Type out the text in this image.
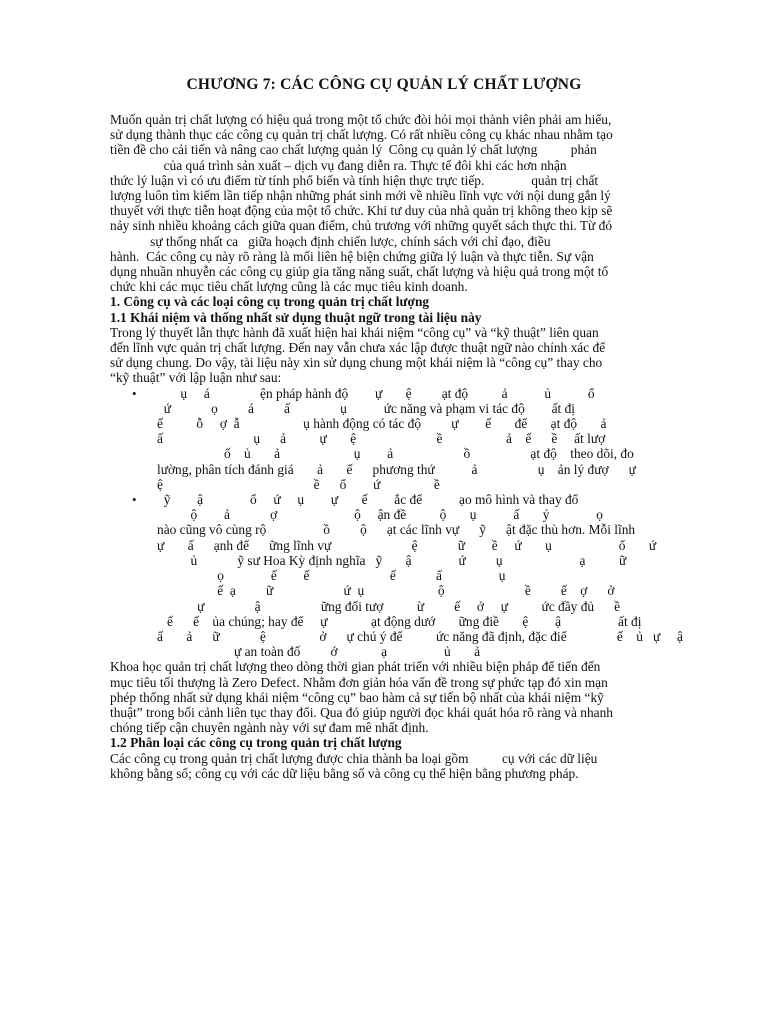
CHƯƠNG 7: CÁC CÔNG CỤ QUẢN LÝ CHẤT LƯỢNG
Muốn quản trị chất lượng có hiệu quả trong một tổ chức đòi hỏi mọi thành viên phải am hiểu,
sử dụng thành thục các công cụ quản trị chất lượng. Có rất nhiều công cụ khác nhau nhằm tạo
tiền đề cho cải tiến và nâng cao chất lượng quản lý  Công cụ quản lý chất lượng          phản
của quá trình sản xuất – dịch vụ đang diễn ra. Thực tế đôi khi các hơn nhận
thức lý luận vì có ưu điểm từ tính phổ biến và tính hiện thực trực tiếp.              quản trị chất
lượng luôn tìm kiếm lần tiếp nhận những phát sinh mới về nhiều lĩnh vực với nội dung gắn lý
thuyết với thực tiễn hoạt động của một tổ chức. Khi tư duy của nhà quản trị không theo kịp sẽ
nảy sinh nhiều khoảng cách giữa quan điểm, chủ trương với những quyết sách thực thi. Từ đó
sự thống nhất ca   giữa hoạch định chiến lược, chính sách với chỉ đạo, điều
hành.  Các công cụ này rõ ràng là mối liên hệ biện chứng giữa lý luận và thực tiễn. Sự vận
dụng nhuần nhuyễn các công cụ giúp gia tăng năng suất, chất lượng và hiệu quả trong một tổ
chức khi các mục tiêu chất lượng cũng là các mục tiêu kinh doanh.

1. Công cụ và các loại công cụ trong quản trị chất lượng

1.1 Khái niệm và thống nhất sử dụng thuật ngữ trong tài liệu này

Trong lý thuyết lẫn thực hành đã xuất hiện hai khái niệm “công cụ” và “kỹ thuật” liên quan
đến lĩnh vực quản trị chất lượng. Đến nay vẫn chưa xác lập được thuật ngữ nào chính xác để
sử dụng chung. Do vậy, tài liệu này xin sử dụng chung một khái niệm là “công cụ” thay cho
“kỹ thuật” với lập luận như sau:
• ụ     á               ện pháp hành độ        ự       ệ         ạt độ          ả           ủ           ổ
ứ            ọ         á         ấ               ụ           ức năng và phạm vi tác độ        ất đị
ế          ỗ     ợ  ẫ                   ụ hành động có tác độ         ự        ế       để       ạt độ       ả
ấ                           ụ      ả          ự       ệ                        ề                   ả    ế      ề     ất lượ
ố    ủ       ả                      ụ        ả                     ồ                  ạt độ    theo dõi, đo
lường, phân tích đánh giá       ả       ế      phương thứ           ả                  ụ    ản lý đượ      ự
ệ                                             ề      ổ        ứ                ề
• ỹ        ậ              ổ     ứ     ụ        ự       ế        ắc để           ạo mô hình và thay đổ
ộ        ả            ợ                       ộ     ận đề          ộ       ụ           ấ       ỷ              ọ
nào cũng vô cùng rộ                 ồ         ộ      ạt các lĩnh vự      ỹ      ật đặc thù hơn. Mỗi lĩnh
ự       ấ      ạnh để      ững lĩnh vự                        ệ            ữ        ề     ứ       ụ                    ổ       ứ
ủ            ỹ sư Hoa Kỳ định nghĩa   ỹ       ậ              ứ         ụ                       ạ          ữ
ọ              ế        ế                        ế            ấ                 ụ
ế  ạ         ữ                     ứ  ụ                      ộ                        ề         ế    ợ      ở
ự               ậ                  ững đối tượ          ừ         ế     ở     ự          ức đầy đủ      ề
ế      ế    ủa chúng; hay để     ự             ạt động dướ       ững điề       ệ        ậ                 ất đị
ấ       ả      ữ            ệ                ở      ự chú ý để          ức năng đã định, đặc điể               ế    ủ   ự     ậ
ự an toàn đố         ớ             ạ                 ủ       ả
Khoa học quản trị chất lượng theo dòng thời gian phát triển với nhiều biện pháp để tiến đến
mục tiêu tối thượng là Zero Defect. Nhằm đơn giản hóa vấn đề trong sự phức tạp đó xin mạn
phép thống nhất sử dụng khái niệm “công cụ” bao hàm cả sự tiến bộ nhất của khái niệm “kỹ
thuật” trong bối cảnh liên tục thay đổi. Qua đó giúp người đọc khái quát hóa rõ ràng và nhanh
chóng tiếp cận chuyên ngành này với sự đam mê nhất định.

1.2 Phân loại các công cụ trong quản trị chất lượng

Các công cụ trong quản trị chất lượng được chia thành ba loại gồm          cụ với các dữ liệu
không bằng số; công cụ với các dữ liệu bằng số và công cụ thể hiện bằng phương pháp.
